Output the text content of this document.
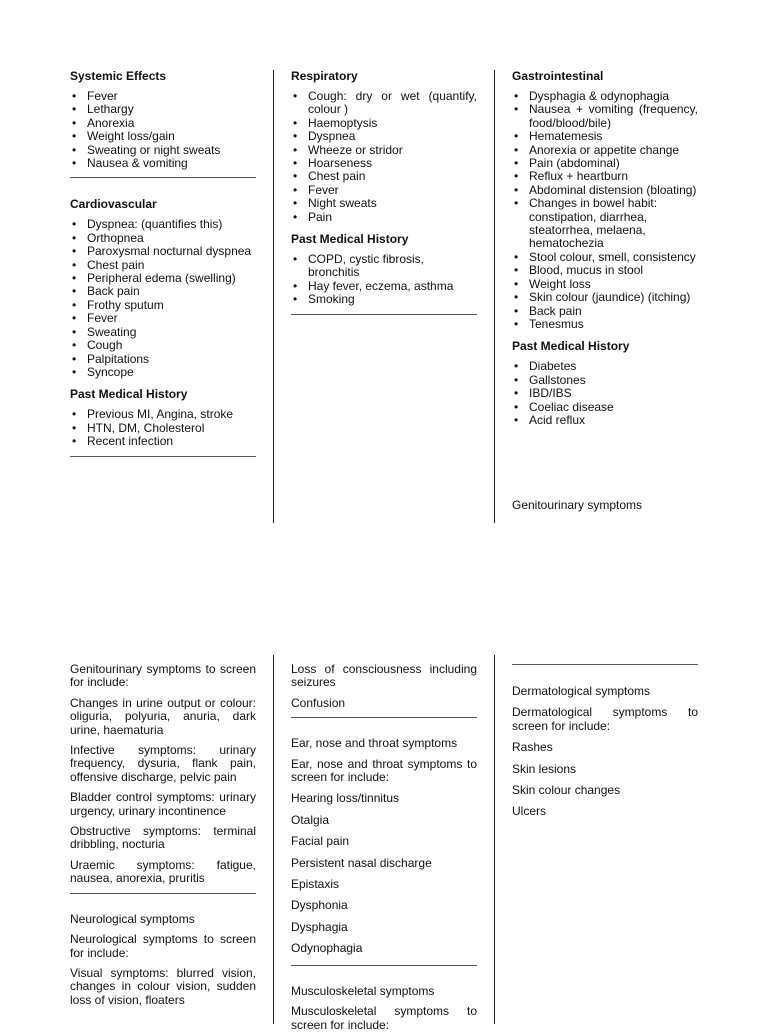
Systemic Effects
• Fever
• Lethargy
• Anorexia
• Weight loss/gain
• Sweating or night sweats
• Nausea & vomiting
Cardiovascular
• Dyspnea: (quantifies this)
• Orthopnea
• Paroxysmal nocturnal dyspnea
• Chest pain
• Peripheral edema (swelling)
• Back pain
• Frothy sputum
• Fever
• Sweating
• Cough
• Palpitations
• Syncope
Past Medical History
• Previous MI, Angina, stroke
• HTN, DM, Cholesterol
• Recent infection
Respiratory
• Cough: dry or wet (quantify, colour )
• Haemoptysis
• Dyspnea
• Wheeze or stridor
• Hoarseness
• Chest pain
• Fever
• Night sweats
• Pain
Past Medical History
• COPD, cystic fibrosis, bronchitis
• Hay fever, eczema, asthma
• Smoking
Gastrointestinal
• Dysphagia & odynophagia
• Nausea + vomiting (frequency, food/blood/bile)
• Hematemesis
• Anorexia or appetite change
• Pain (abdominal)
• Reflux + heartburn
• Abdominal distension (bloating)
• Changes in bowel habit: constipation, diarrhea, steatorrhea, melaena, hematochezia
• Stool colour, smell, consistency
• Blood, mucus in stool
• Weight loss
• Skin colour (jaundice) (itching)
• Back pain
• Tenesmus
Past Medical History
• Diabetes
• Gallstones
• IBD/IBS
• Coeliac disease
• Acid reflux

Genitourinary symptoms

Genitourinary symptoms to screen for include:

Changes in urine output or colour: oliguria, polyuria, anuria, dark urine, haematuria

Infective symptoms: urinary frequency, dysuria, flank pain, offensive discharge, pelvic pain

Bladder control symptoms: urinary urgency, urinary incontinence

Obstructive symptoms: terminal dribbling, nocturia

Uraemic symptoms: fatigue, nausea, anorexia, pruritis

Neurological symptoms

Neurological symptoms to screen for include:

Visual symptoms: blurred vision, changes in colour vision, sudden loss of vision, floaters

Loss of consciousness including seizures

Confusion

Ear, nose and throat symptoms

Ear, nose and throat symptoms to screen for include:

Hearing loss/tinnitus

Otalgia

Facial pain

Persistent nasal discharge

Epistaxis

Dysphonia

Dysphagia

Odynophagia

Musculoskeletal symptoms

Musculoskeletal symptoms to screen for include:

Dermatological symptoms

Dermatological symptoms to screen for include:

Rashes

Skin lesions

Skin colour changes

Ulcers
